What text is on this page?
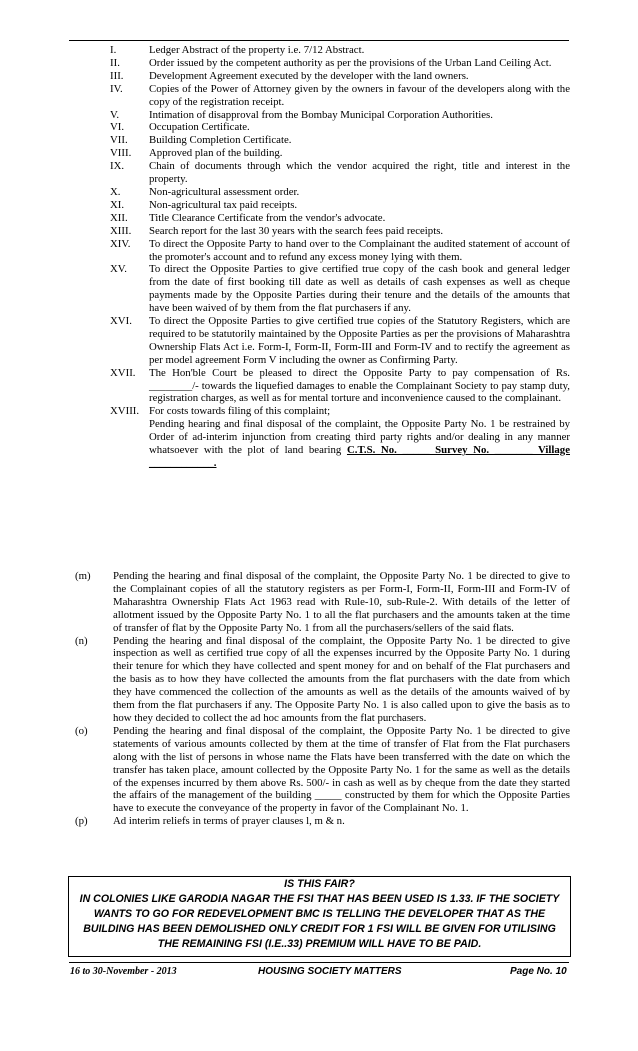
I.	Ledger Abstract of the property i.e. 7/12 Abstract.
II.	Order issued by the competent authority as per the provisions of the Urban Land Ceiling Act.
III. Development Agreement executed by the developer with the land owners.
IV. Copies of the Power of Attorney given by the owners in favour of the developers along with the copy of the registration receipt.
V.	Intimation of disapproval from the Bombay Municipal Corporation Authorities.
VI. Occupation Certificate.
VII. Building Completion Certificate.
VIII. Approved plan of the building.
IX. Chain of documents through which the vendor acquired the right, title and interest in the property.
X.	Non-agricultural assessment order.
XI. Non-agricultural tax paid receipts.
XII. Title Clearance Certificate from the vendor's advocate.
XIII. Search report for the last 30 years with the search fees paid receipts.
XIV. To direct the Opposite Party to hand over to the Complainant the audited statement of account of the promoter's account and to refund any excess money lying with them.
XV. To direct the Opposite Parties to give certified true copy of the cash book and general ledger from the date of first booking till date as well as details of cash expenses as well as cheque payments made by the Opposite Parties during their tenure and the details of the amounts that have been waived of by them from the flat purchasers if any.
XVI. To direct the Opposite Parties to give certified true copies of the Statutory Registers, which are required to be statutorily maintained by the Opposite Parties as per the provisions of Maharashtra Ownership Flats Act i.e. Form-I, Form-II, Form-III and Form-IV and to rectify the agreement as per model agreement Form V including the owner as Confirming Party.
XVII. The Hon'ble Court be pleased to direct the Opposite Party to pay compensation of Rs. ________/- towards the liquefied damages to enable the Complainant Society to pay stamp duty, registration charges, as well as for mental torture and inconvenience caused to the complainant.
XVIII. For costs towards filing of this complaint;
Pending hearing and final disposal of the complaint, the Opposite Party No. 1 be restrained by Order of ad-interim injunction from creating third party rights and/or dealing in any manner whatsoever with the plot of land bearing C.T.S. No. _____ Survey No. _______ Village ____________.
(m) Pending the hearing and final disposal of the complaint, the Opposite Party No. 1 be directed to give to the Complainant copies of all the statutory registers as per Form-I, Form-II, Form-III and Form-IV of Maharashtra Ownership Flats Act 1963 read with Rule-10, sub-Rule-2. With details of the letter of allotment issued by the Opposite Party No. 1 to all the flat purchasers and the amounts taken at the time of transfer of flat by the Opposite Party No. 1 from all the purchasers/sellers of the said flats.
(n) Pending the hearing and final disposal of the complaint, the Opposite Party No. 1 be directed to give inspection as well as certified true copy of all the expenses incurred by the Opposite Party No. 1 during their tenure for which they have collected and spent money for and on behalf of the Flat purchasers and the basis as to how they have collected the amounts from the flat purchasers with the date from which they have commenced the collection of the amounts as well as the details of the amounts waived of by them from the flat purchasers if any. The Opposite Party No. 1 is also called upon to give the basis as to how they decided to collect the ad hoc amounts from the flat purchasers.
(o) Pending the hearing and final disposal of the complaint, the Opposite Party No. 1 be directed to give statements of various amounts collected by them at the time of transfer of Flat from the Flat purchasers along with the list of persons in whose name the Flats have been transferred with the date on which the transfer has taken place, amount collected by the Opposite Party No. 1 for the same as well as the details of the expenses incurred by them above Rs. 500/- in cash as well as by cheque from the date they started the affairs of the management of the building _____ constructed by them for which the Opposite Parties have to execute the conveyance of the property in favor of the Complainant No. 1.
(p) Ad interim reliefs in terms of prayer clauses l, m & n.
IS THIS FAIR?
IN COLONIES LIKE GARODIA NAGAR THE FSI THAT HAS BEEN USED IS 1.33. IF THE SOCIETY
WANTS TO GO FOR REDEVELOPMENT BMC IS TELLING THE DEVELOPER THAT AS THE
BUILDING HAS BEEN DEMOLISHED ONLY CREDIT FOR 1 FSI WILL BE GIVEN FOR UTILISING
THE REMAINING FSI (I.E..33) PREMIUM WILL HAVE TO BE PAID.
16 to 30-November - 2013	HOUSING SOCIETY MATTERS	Page No. 10
